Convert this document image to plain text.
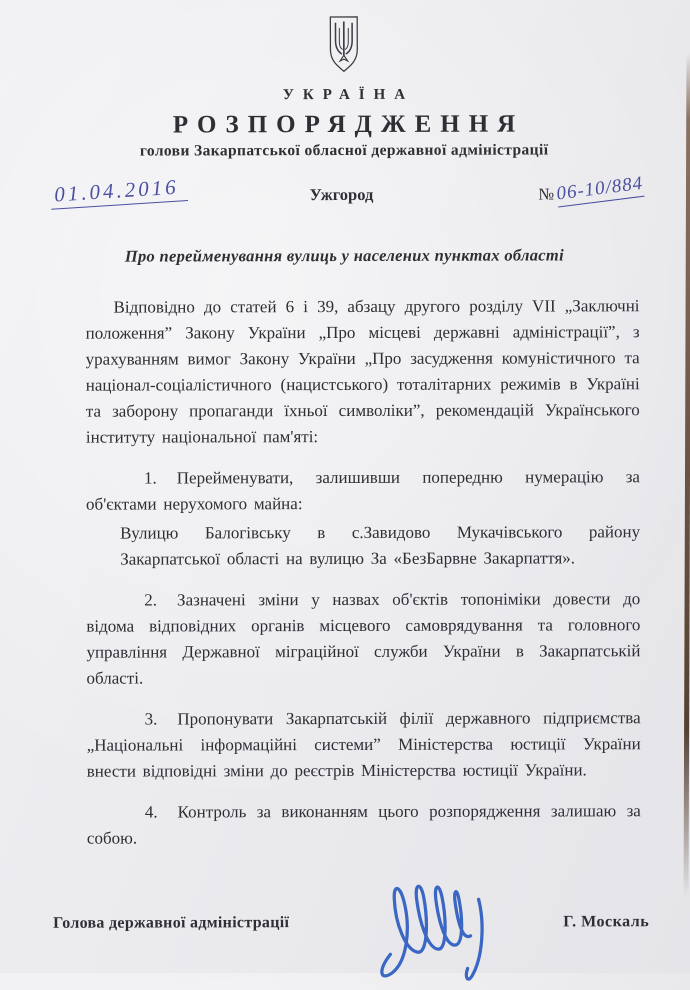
УКРАЇНА
РОЗПОРЯДЖЕННЯ
голови Закарпатської обласної державної адміністрації
01.04.2016	Ужгород	№06-10/884
Про перейменування вулиць у населених пунктах області

Відповідно до статей 6 і 39, абзацу другого розділу VII „Заключні положення” Закону України „Про місцеві державні адміністрації”, з урахуванням вимог Закону України „Про засудження комуністичного та націонал-соціалістичного (нацистського) тоталітарних режимів в Україні та заборону пропаганди їхньої символіки”, рекомендацій Українського інституту національної пам'яті:

1. Перейменувати, залишивши попередню нумерацію за об'єктами нерухомого майна:

Вулицю Балогівську в с.Завидово Мукачівського району Закарпатської області на вулицю За «БезБарвне Закарпаття».

2. Зазначені зміни у назвах об'єктів топоніміки довести до відома відповідних органів місцевого самоврядування та головного управління Державної міграційної служби України в Закарпатській області.

3. Пропонувати Закарпатській філії державного підприємства „Національні інформаційні системи” Міністерства юстиції України внести відповідні зміни до реєстрів Міністерства юстиції України.

4. Контроль за виконанням цього розпорядження залишаю за собою.

Голова державної адміністрації	Г. Москаль
